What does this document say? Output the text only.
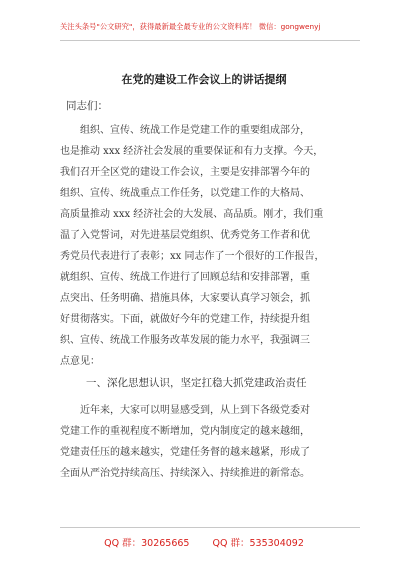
关注头条号"公文研究"，获得最新最全最专业的公文资料库！ 微信：gongwenyj
在党的建设工作会议上的讲话提纲
同志们：
组织、宣传、统战工作是党建工作的重要组成部分，
也是推动 xxx 经济社会发展的重要保证和有力支撑。今天，
我们召开全区党的建设工作会议，主要是安排部署今年的
组织、宣传、统战重点工作任务，以党建工作的大格局、
高质量推动 xxx 经济社会的大发展、高品质。刚才，我们重
温了入党誓词，对先进基层党组织、优秀党务工作者和优
秀党员代表进行了表彰；xx 同志作了一个很好的工作报告，
就组织、宣传、统战工作进行了回顾总结和安排部署，重
点突出、任务明确、措施具体，大家要认真学习领会，抓
好贯彻落实。下面，就做好今年的党建工作，持续提升组
织、宣传、统战工作服务改革发展的能力水平，我强调三
点意见：
一、深化思想认识，坚定扛稳大抓党建政治责任
近年来，大家可以明显感受到，从上到下各级党委对
党建工作的重视程度不断增加，党内制度定的越来越细，
党建责任压的越来越实，党建任务督的越来越紧，形成了
全面从严治党持续高压、持续深入、持续推进的新常态。
QQ 群：30265665 QQ 群：535304092
